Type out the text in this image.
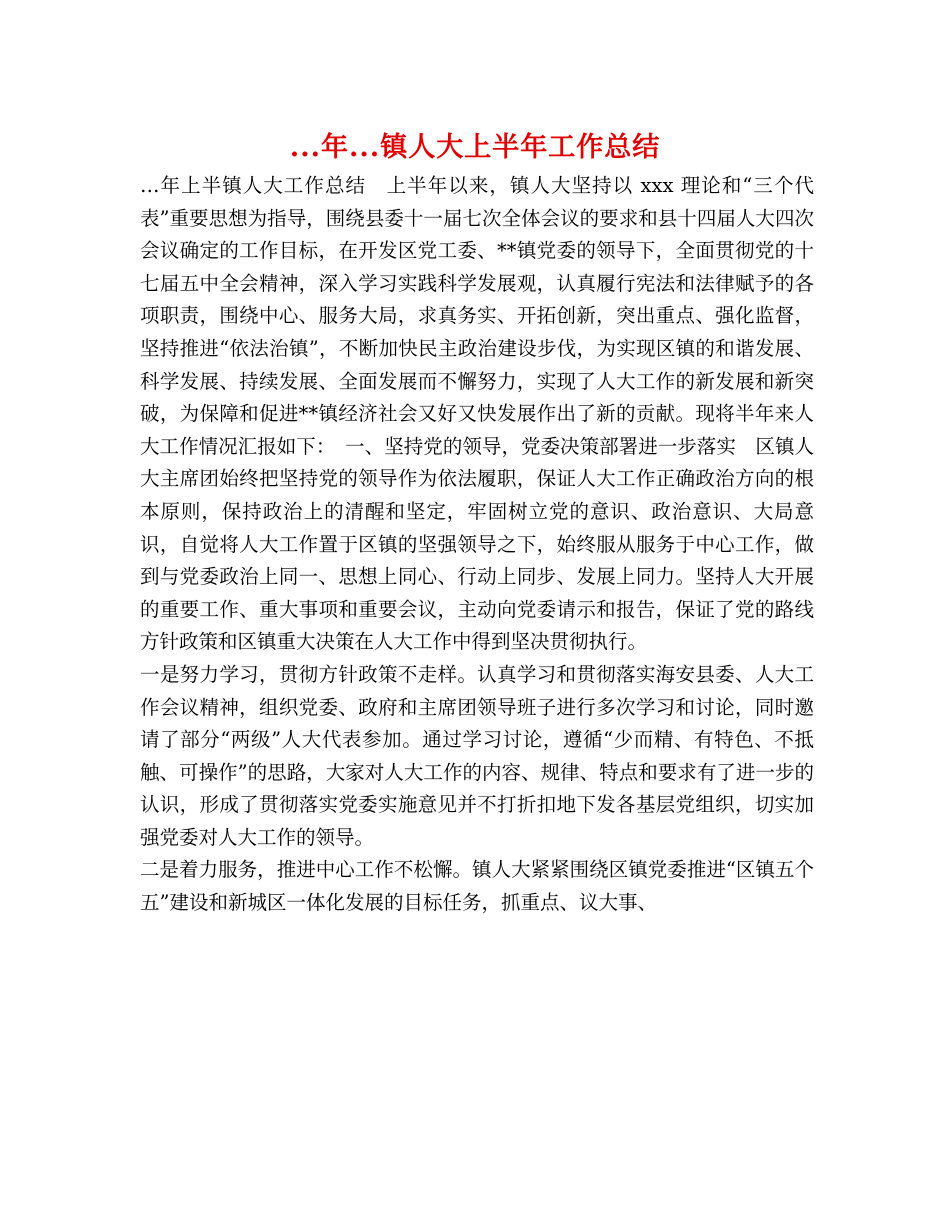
...年...镇人大上半年工作总结

…年上半镇人大工作总结　上半年以来，镇人大坚持以 xxx 理论和“三个代表”重要思想为指导，围绕县委十一届七次全体会议的要求和县十四届人大四次会议确定的工作目标，在开发区党工委、**镇党委的领导下，全面贯彻党的十七届五中全会精神，深入学习实践科学发展观，认真履行宪法和法律赋予的各项职责，围绕中心、服务大局，求真务实、开拓创新，突出重点、强化监督，坚持推进“依法治镇”，不断加快民主政治建设步伐，为实现区镇的和谐发展、科学发展、持续发展、全面发展而不懈努力，实现了人大工作的新发展和新突破，为保障和促进**镇经济社会又好又快发展作出了新的贡献。现将半年来人大工作情况汇报如下：　一、坚持党的领导，党委决策部署进一步落实　区镇人大主席团始终把坚持党的领导作为依法履职，保证人大工作正确政治方向的根本原则，保持政治上的清醒和坚定，牢固树立党的意识、政治意识、大局意识，自觉将人大工作置于区镇的坚强领导之下，始终服从服务于中心工作，做到与党委政治上同一、思想上同心、行动上同步、发展上同力。坚持人大开展的重要工作、重大事项和重要会议，主动向党委请示和报告，保证了党的路线方针政策和区镇重大决策在人大工作中得到坚决贯彻执行。

一是努力学习，贯彻方针政策不走样。认真学习和贯彻落实海安县委、人大工作会议精神，组织党委、政府和主席团领导班子进行多次学习和讨论，同时邀请了部分“两级”人大代表参加。通过学习讨论，遵循“少而精、有特色、不抵触、可操作”的思路，大家对人大工作的内容、规律、特点和要求有了进一步的认识，形成了贯彻落实党委实施意见并不打折扣地下发各基层党组织，切实加强党委对人大工作的领导。

二是着力服务，推进中心工作不松懈。镇人大紧紧围绕区镇党委推进“区镇五个五”建设和新城区一体化发展的目标任务，抓重点、议大事、
